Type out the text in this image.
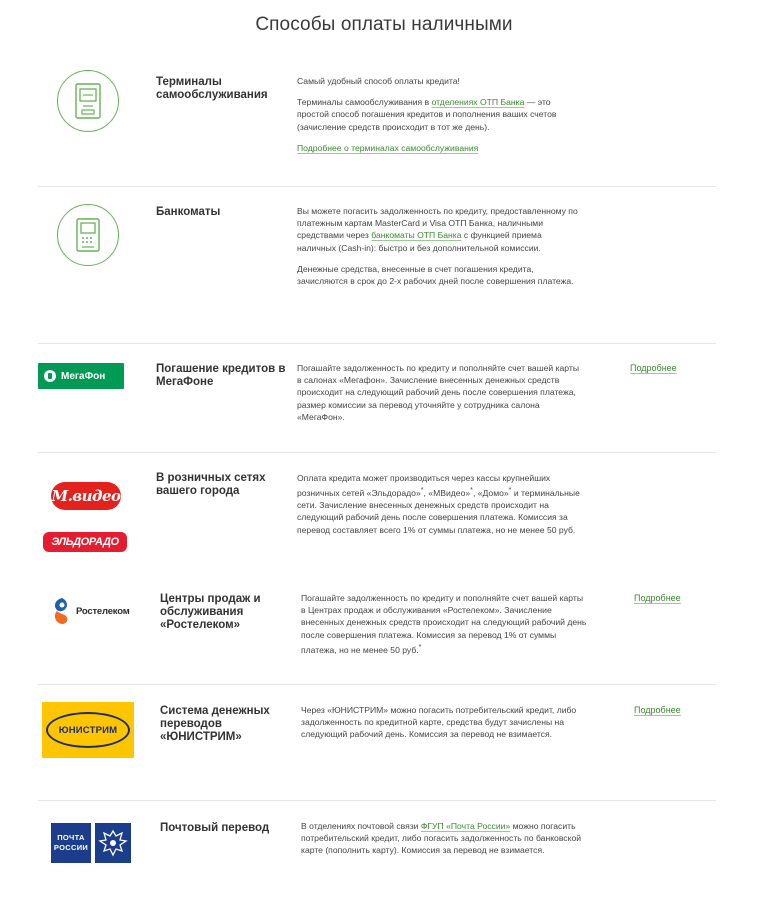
Способы оплаты наличными
Терминалы самообслуживания

Самый удобный способ оплаты кредита!

Терминалы самообслуживания в отделениях ОТП Банка — это простой способ погашения кредитов и пополнения ваших счетов (зачисление средств происходит в тот же день).

Подробнее о терминалах самообслуживания

Банкоматы	Вы можете погасить задолженность по кредиту, предоставленному по платежным картам MasterCard и Visa ОТП Банка, наличными средствами через банкоматы ОТП Банка с функцией приема наличных (Cash-in): быстро и без дополнительной комиссии.

Денежные средства, внесенные в счет погашения кредита, зачисляются в срок до 2-х рабочих дней после совершения платежа.

МегаФон
Погашение кредитов в МегаФоне
Погашайте задолженность по кредиту и пополняйте счет вашей карты в салонах «Мегафон». Зачисление внесенных денежных средств происходит на следующий рабочий день после совершения платежа, размер комиссии за перевод уточняйте у сотрудника салона «МегаФон».
Подробнее
М.видео
ЭЛЬДОРАДО
В розничных сетях вашего города
Оплата кредита может производиться через кассы крупнейших розничных сетей «Эльдорадо»*, «МВидео»*, «Домо»* и терминальные сети. Зачисление внесенных денежных средств происходит на следующий рабочий день после совершения платежа. Комиссия за перевод составляет всего 1% от суммы платежа, но не менее 50 руб.
Ростелеком
Центры продаж и обслуживания «Ростелеком»
Погашайте задолженность по кредиту и пополняйте счет вашей карты в Центрах продаж и обслуживания «Ростелеком». Зачисление внесенных денежных средств происходит на следующий рабочий день после совершения платежа. Комиссия за перевод 1% от суммы платежа, но не менее 50 руб.*
Подробнее
ЮНИСТРИМ
Система денежных переводов «ЮНИСТРИМ»
Через «ЮНИСТРИМ» можно погасить потребительский кредит, либо задолженность по кредитной карте, средства будут зачислены на следующий рабочий день. Комиссия за перевод не взимается.
Подробнее
ПОЧТА
РОССИИ
Почтовый перевод	В отделениях почтовой связи ФГУП «Почта России» можно погасить потребительский кредит, либо погасить задолженность по банковской карте (пополнить карту). Комиссия за перевод не взимается.
